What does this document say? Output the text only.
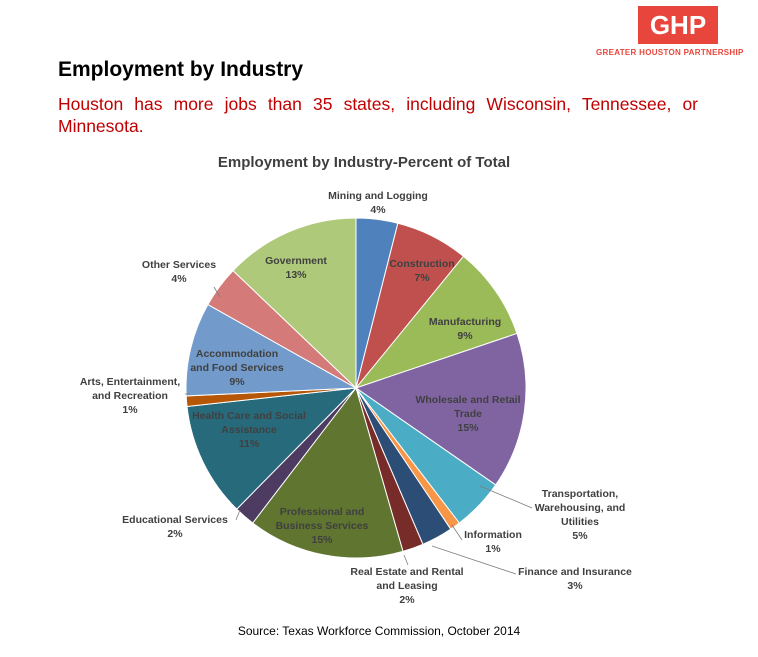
GHP
GREATER HOUSTON PARTNERSHIP
Employment by Industry
Houston has more jobs than 35 states, including Wisconsin, Tennessee, or Minnesota.
Employment by Industry-Percent of Total
Mining and Logging 4%
Construction 7%
Manufacturing 9%
Wholesale and Retail Trade 15%
Transportation, Warehousing, and Utilities 5%
Information 1%
Finance and Insurance 3%
Real Estate and Rental and Leasing 2%
Professional and Business Services 15%
Educational Services 2%
Health Care and Social Assistance 11%
Arts, Entertainment, and Recreation 1%
Accommodation and Food Services 9%
Other Services 4%
Government 13%
Source: Texas Workforce Commission, October 2014
